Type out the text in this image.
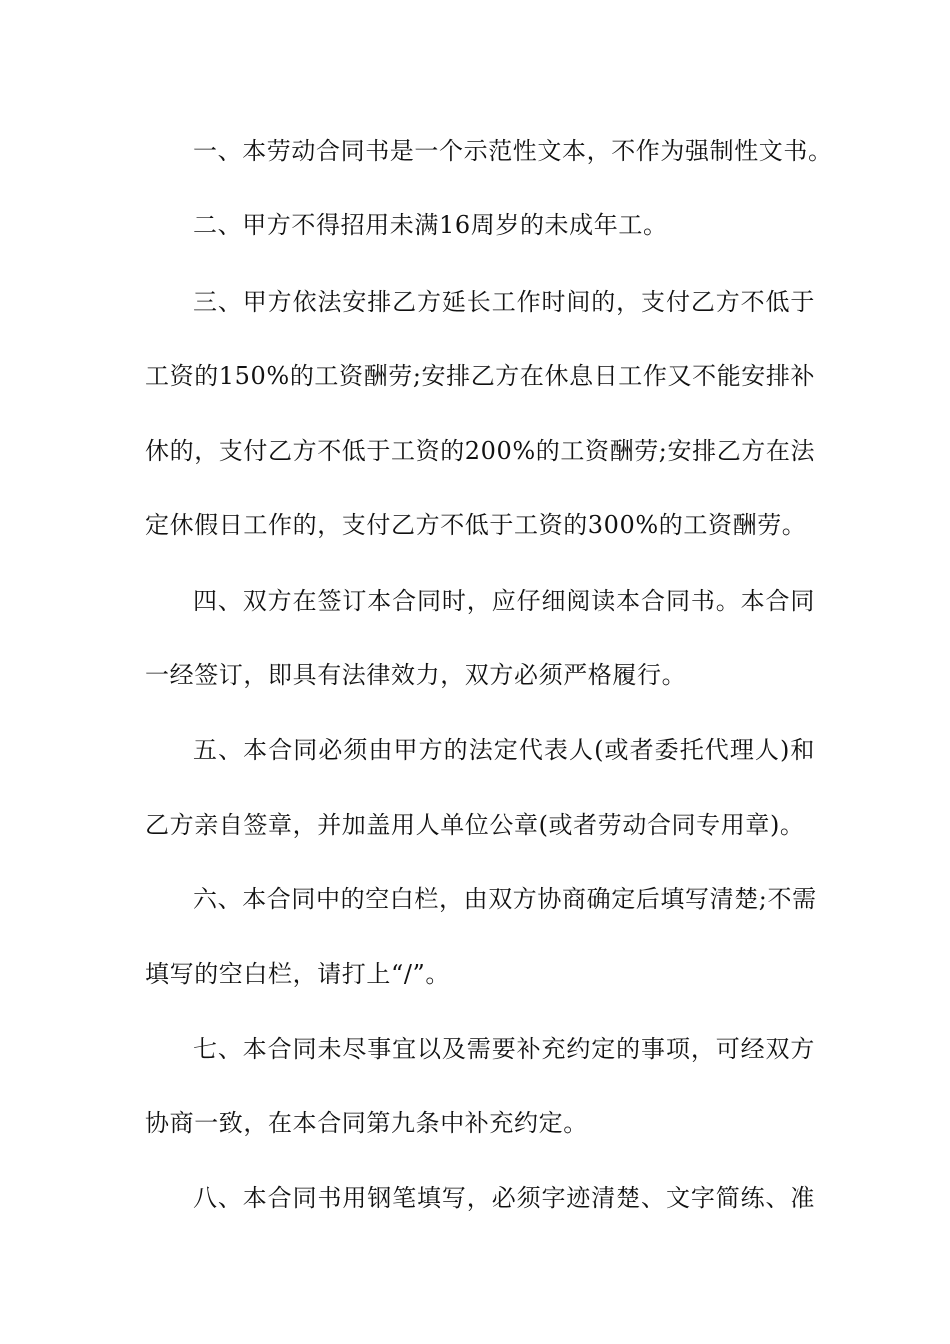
一、本劳动合同书是一个示范性文本，不作为强制性文书。
二、甲方不得招用未满16周岁的未成年工。
三、甲方依法安排乙方延长工作时间的，支付乙方不低于
工资的150%的工资酬劳;安排乙方在休息日工作又不能安排补
休的，支付乙方不低于工资的200%的工资酬劳;安排乙方在法
定休假日工作的，支付乙方不低于工资的300%的工资酬劳。
四、双方在签订本合同时，应仔细阅读本合同书。本合同
一经签订，即具有法律效力，双方必须严格履行。
五、本合同必须由甲方的法定代表人(或者委托代理人)和
乙方亲自签章，并加盖用人单位公章(或者劳动合同专用章)。
六、本合同中的空白栏，由双方协商确定后填写清楚;不需
填写的空白栏，请打上“/”。
七、本合同未尽事宜以及需要补充约定的事项，可经双方
协商一致，在本合同第九条中补充约定。
八、本合同书用钢笔填写，必须字迹清楚、文字简练、准
